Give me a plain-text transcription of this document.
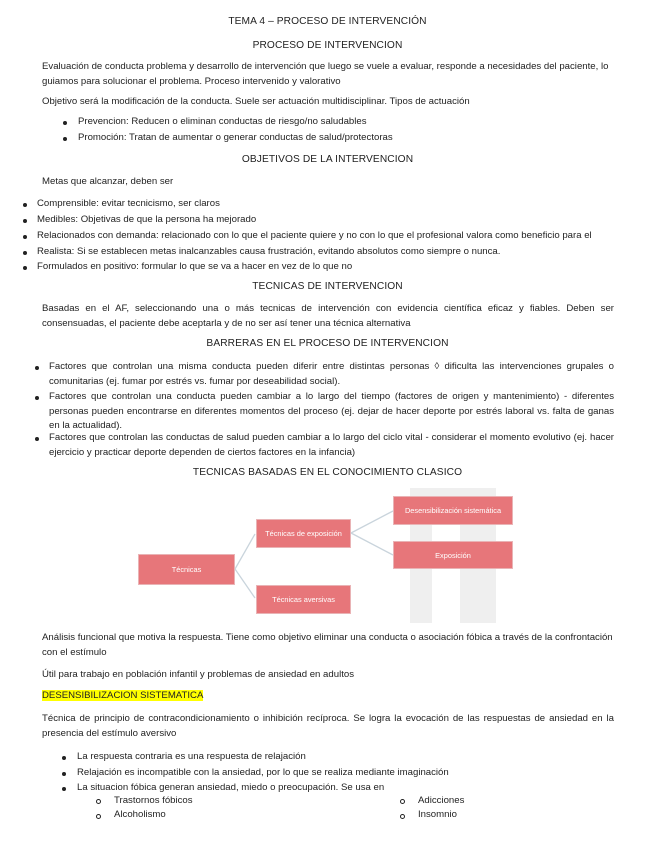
TEMA 4 – PROCESO DE INTERVENCIÓN
PROCESO DE INTERVENCION
Evaluación de conducta problema y desarrollo de intervención que luego se vuele a evaluar, responde a necesidades del paciente, lo guiamos para solucionar el problema. Proceso intervenido y valorativo
Objetivo será la modificación de la conducta. Suele ser actuación multidisciplinar. Tipos de actuación
Prevencion: Reducen o eliminan conductas de riesgo/no saludables
Promoción: Tratan de aumentar o generar conductas de salud/protectoras
OBJETIVOS DE LA INTERVENCION
Metas que alcanzar, deben ser
Comprensible: evitar tecnicismo, ser claros
Medibles: Objetivas de que la persona ha mejorado
Relacionados con demanda: relacionado con lo que el paciente quiere y no con lo que el profesional valora como beneficio para el
Realista: Si se establecen metas inalcanzables causa frustración, evitando absolutos como siempre o nunca.
Formulados en positivo: formular lo que se va a hacer en vez de lo que no
TECNICAS DE INTERVENCION
Basadas en el AF, seleccionando una o más tecnicas de intervención con evidencia científica eficaz y fiables. Deben ser consensuadas, el paciente debe aceptarla y de no ser así tener una técnica alternativa
BARRERAS EN EL PROCESO DE INTERVENCION
Factores que controlan una misma conducta pueden diferir entre distintas personas ◊ dificulta las intervenciones grupales o comunitarias (ej. fumar por estrés vs. fumar por deseabilidad social).
Factores que controlan una conducta pueden cambiar a lo largo del tiempo (factores de origen y mantenimiento) - diferentes personas pueden encontrarse en diferentes momentos del proceso (ej. dejar de hacer deporte por estrés laboral vs. falta de ganas en la actualidad).
Factores que controlan las conductas de salud pueden cambiar a lo largo del ciclo vital - considerar el momento evolutivo (ej. hacer ejercicio y practicar deporte dependen de ciertos factores en la infancia)
TECNICAS BASADAS EN EL CONOCIMIENTO CLASICO
Técnicas
Técnicas de exposición
Técnicas aversivas
Desensibilización sistemática
Exposición
Análisis funcional que motiva la respuesta. Tiene como objetivo eliminar una conducta o asociación fóbica a través de la confrontación con el estímulo
Útil para trabajo en población infantil y problemas de ansiedad en adultos
DESENSIBILIZACION SISTEMATICA
Técnica de principio de contracondicionamiento o inhibición recíproca. Se logra la evocación de las respuestas de ansiedad en la presencia del estímulo aversivo
La respuesta contraria es una respuesta de relajación
Relajación es incompatible con la ansiedad, por lo que se realiza mediante imaginación
La situacion fóbica generan ansiedad, miedo o preocupación. Se usa en
Trastornos fóbicos
Alcoholismo
Adicciones
Insomnio
